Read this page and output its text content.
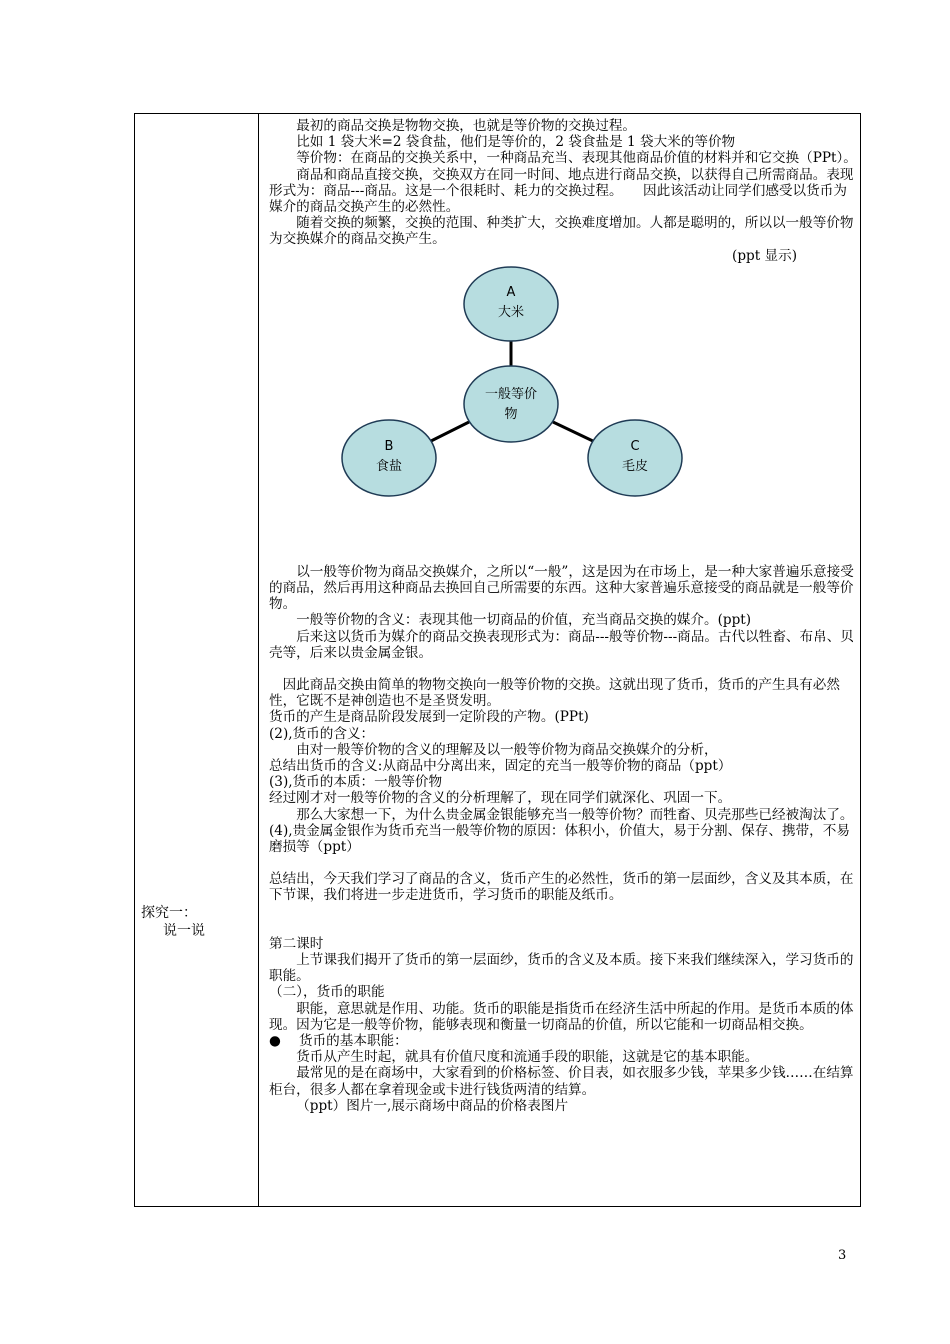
探究一：
说一说

最初的商品交换是物物交换，也就是等价物的交换过程。

比如 1 袋大米=2 袋食盐，他们是等价的，2 袋食盐是 1 袋大米的等价物

等价物：在商品的交换关系中，一种商品充当、表现其他商品价值的材料并和它交换（PPt）。

商品和商品直接交换，交换双方在同一时间、地点进行商品交换，以获得自己所需商品。表现形式为：商品---商品。这是一个很耗时、耗力的交换过程。　　因此该活动让同学们感受以货币为媒介的商品交换产生的必然性。

随着交换的频繁，交换的范围、种类扩大，交换难度增加。人都是聪明的，所以以一般等价物为交换媒介的商品交换产生。

(ppt 显示)

A
大米
一般等价
物
B
食盐
C
毛皮

以一般等价物为商品交换媒介，之所以“一般”，这是因为在市场上，是一种大家普遍乐意接受的商品，然后再用这种商品去换回自己所需要的东西。这种大家普遍乐意接受的商品就是一般等价物。

一般等价物的含义：表现其他一切商品的价值，充当商品交换的媒介。(ppt)

后来这以货币为媒介的商品交换表现形式为：商品---般等价物---商品。古代以牲畜、布帛、贝壳等，后来以贵金属金银。

因此商品交换由简单的物物交换向一般等价物的交换。这就出现了货币，货币的产生具有必然性，它既不是神创造也不是圣贤发明。

货币的产生是商品阶段发展到一定阶段的产物。(PPt)

(2),货币的含义：

由对一般等价物的含义的理解及以一般等价物为商品交换媒介的分析，

总结出货币的含义:从商品中分离出来，固定的充当一般等价物的商品（ppt）

(3),货币的本质：一般等价物

经过刚才对一般等价物的含义的分析理解了，现在同学们就深化、巩固一下。

那么大家想一下，为什么贵金属金银能够充当一般等价物？而牲畜、贝壳那些已经被淘汰了。

(4),贵金属金银作为货币充当一般等价物的原因：体积小，价值大，易于分割、保存、携带，不易磨损等（ppt）

总结出，今天我们学习了商品的含义，货币产生的必然性，货币的第一层面纱，含义及其本质，在下节课，我们将进一步走进货币，学习货币的职能及纸币。

第二课时

上节课我们揭开了货币的第一层面纱，货币的含义及本质。接下来我们继续深入，学习货币的职能。

（二），货币的职能

职能，意思就是作用、功能。货币的职能是指货币在经济生活中所起的作用。是货币本质的体现。因为它是一般等价物，能够表现和衡量一切商品的价值，所以它能和一切商品相交换。

● 货币的基本职能：

货币从产生时起，就具有价值尺度和流通手段的职能，这就是它的基本职能。

最常见的是在商场中，大家看到的价格标签、价目表，如衣服多少钱，苹果多少钱……在结算柜台，很多人都在拿着现金或卡进行钱货两清的结算。

（ppt）图片一,展示商场中商品的价格表图片

3
